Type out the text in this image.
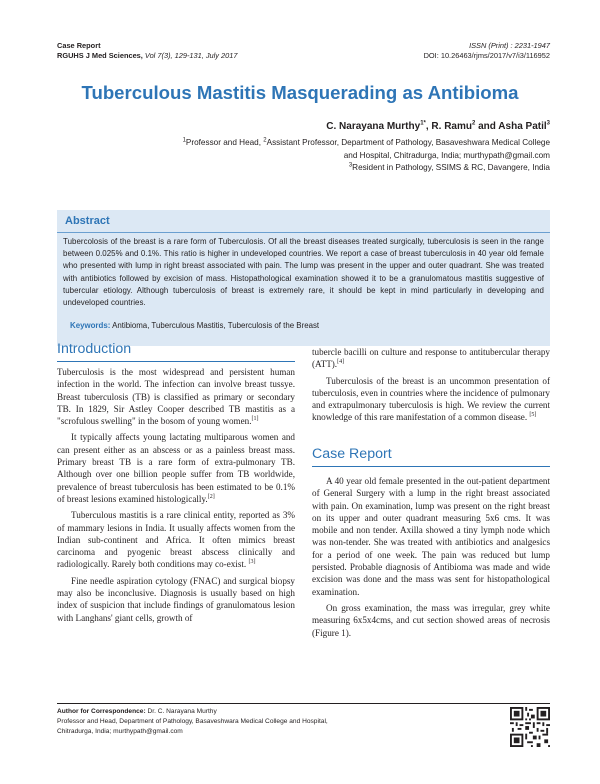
Case Report
RGUHS J Med Sciences, Vol 7(3), 129-131, July 2017
ISSN (Print) : 2231-1947
DOI: 10.26463/rjms/2017/v7/i3/116952
Tuberculous Mastitis Masquerading as Antibioma
C. Narayana Murthy$^{1*}$, R. Ramu$^2$ and Asha Patil$^3$
$^1$Professor and Head, $^2$Assistant Professor, Department of Pathology, Basaveshwara Medical College and Hospital, Chitradurga, India; murthypath@gmail.com
$^3$Resident in Pathology, SSIMS & RC, Davangere, India
Abstract
Tubercolosis of the breast is a rare form of Tuberculosis. Of all the breast diseases treated surgically, tuberculosis is seen in the range between 0.025% and 0.1%. This ratio is higher in undeveloped countries. We report a case of breast tuberculosis in 40 year old female who presented with lump in right breast associated with pain. The lump was present in the upper and outer quadrant. She was treated with antibiotics followed by excision of mass. Histopathological examination showed it to be a granulomatous mastitis suggestive of tubercular etiology. Although tuberculosis of breast is extremely rare, it should be kept in mind particularly in developing and undeveloped countries.
Keywords: Antibioma, Tuberculous Mastitis, Tuberculosis of the Breast
Introduction

Tuberculosis is the most widespread and persistent human infection in the world. The infection can involve breast tussye. Breast tuberculosis (TB) is classified as primary or secondary TB. In 1829, Sir Astley Cooper described TB mastitis as a "scrofulous swelling" in the bosom of young women.[1]

It typically affects young lactating multiparous women and can present either as an abscess or as a painless breast mass. Primary breast TB is a rare form of extra-pulmonary TB. Although over one billion people suffer from TB worldwide, prevalence of breast tuberculosis has been estimated to be 0.1% of breast lesions examined histologically.[2]

Tuberculous mastitis is a rare clinical entity, reported as 3% of mammary lesions in India. It usually affects women from the Indian sub-continent and Africa. It often mimics breast carcinoma and pyogenic breast abscess clinically and radiologically. Rarely both conditions may co-exist. [3]

Fine needle aspiration cytology (FNAC) and surgical biopsy may also be inconclusive. Diagnosis is usually based on high index of suspicion that include findings of granulomatous lesion with Langhans' giant cells, growth of

tubercle bacilli on culture and response to antitubercular therapy (ATT).[4]

Tuberculosis of the breast is an uncommon presentation of tuberculosis, even in countries where the incidence of pulmonary and extrapulmonary tuberculosis is high. We review the current knowledge of this rare manifestation of a common disease. [5]

Case Report

A 40 year old female presented in the out-patient department of General Surgery with a lump in the right breast associated with pain. On examination, lump was present on the right breast on its upper and outer quadrant measuring 5x6 cms. It was mobile and non tender. Axilla showed a tiny lymph node which was non-tender. She was treated with antibiotics and analgesics for a period of one week. The pain was reduced but lump persisted. Probable diagnosis of Antibioma was made and wide excision was done and the mass was sent for histopathological examination.

On gross examination, the mass was irregular, grey white measuring 6x5x4cms, and cut section showed areas of necrosis (Figure 1).

Author for Correspondence: Dr. C. Narayana Murthy
Professor and Head, Department of Pathology, Basaveshwara Medical College and Hospital,
Chitradurga, India; murthypath@gmail.com
